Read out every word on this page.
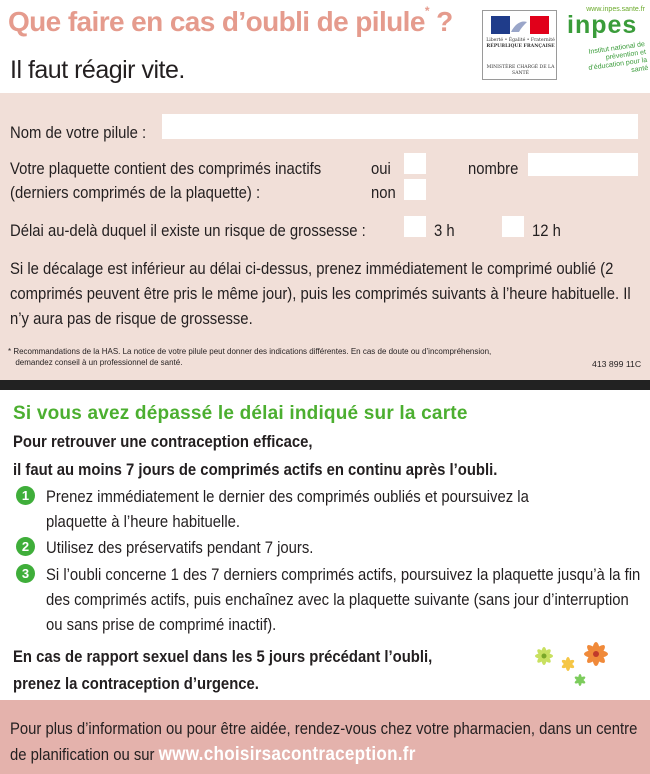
Que faire en cas d’oubli de pilule* ?
Il faut réagir vite.
Liberté • Égalité • Fraternité
RÉPUBLIQUE FRANÇAISE
MINISTÈRE CHARGÉ DE LA SANTÉ
www.inpes.sante.fr
inpes
Institut national de prévention et d’éducation pour la santé
Nom de votre pilule :
Votre plaquette contient des comprimés inactifs
(derniers comprimés de la plaquette) :
oui
non
nombre
Délai au-delà duquel il existe un risque de grossesse :	3 h	12 h
Si le décalage est inférieur au délai ci-dessus, prenez immédiatement le comprimé oublié (2 comprimés peuvent être pris le même jour), puis les comprimés suivants à l’heure habituelle. Il n’y aura pas de risque de grossesse.
* Recommandations de la HAS. La notice de votre pilule peut donner des indications différentes. En cas de doute ou d’incompréhension,
demandez conseil à un professionnel de santé.	413 899 11C
Si vous avez dépassé le délai indiqué sur la carte
Pour retrouver une contraception efficace,
il faut au moins 7 jours de comprimés actifs en continu après l’oubli.
1	Prenez immédiatement le dernier des comprimés oubliés et poursuivez la plaquette à l’heure habituelle.
2	Utilisez des préservatifs pendant 7 jours.
3	Si l’oubli concerne 1 des 7 derniers comprimés actifs, poursuivez la plaquette jusqu’à la fin des comprimés actifs, puis enchaînez avec la plaquette suivante (sans jour d’interruption ou sans prise de comprimé inactif).
En cas de rapport sexuel dans les 5 jours précédant l’oubli,
prenez la contraception d’urgence.
Pour plus d’information ou pour être aidée, rendez-vous chez votre pharmacien, dans un centre de planification ou sur www.choisirsacontraception.fr
